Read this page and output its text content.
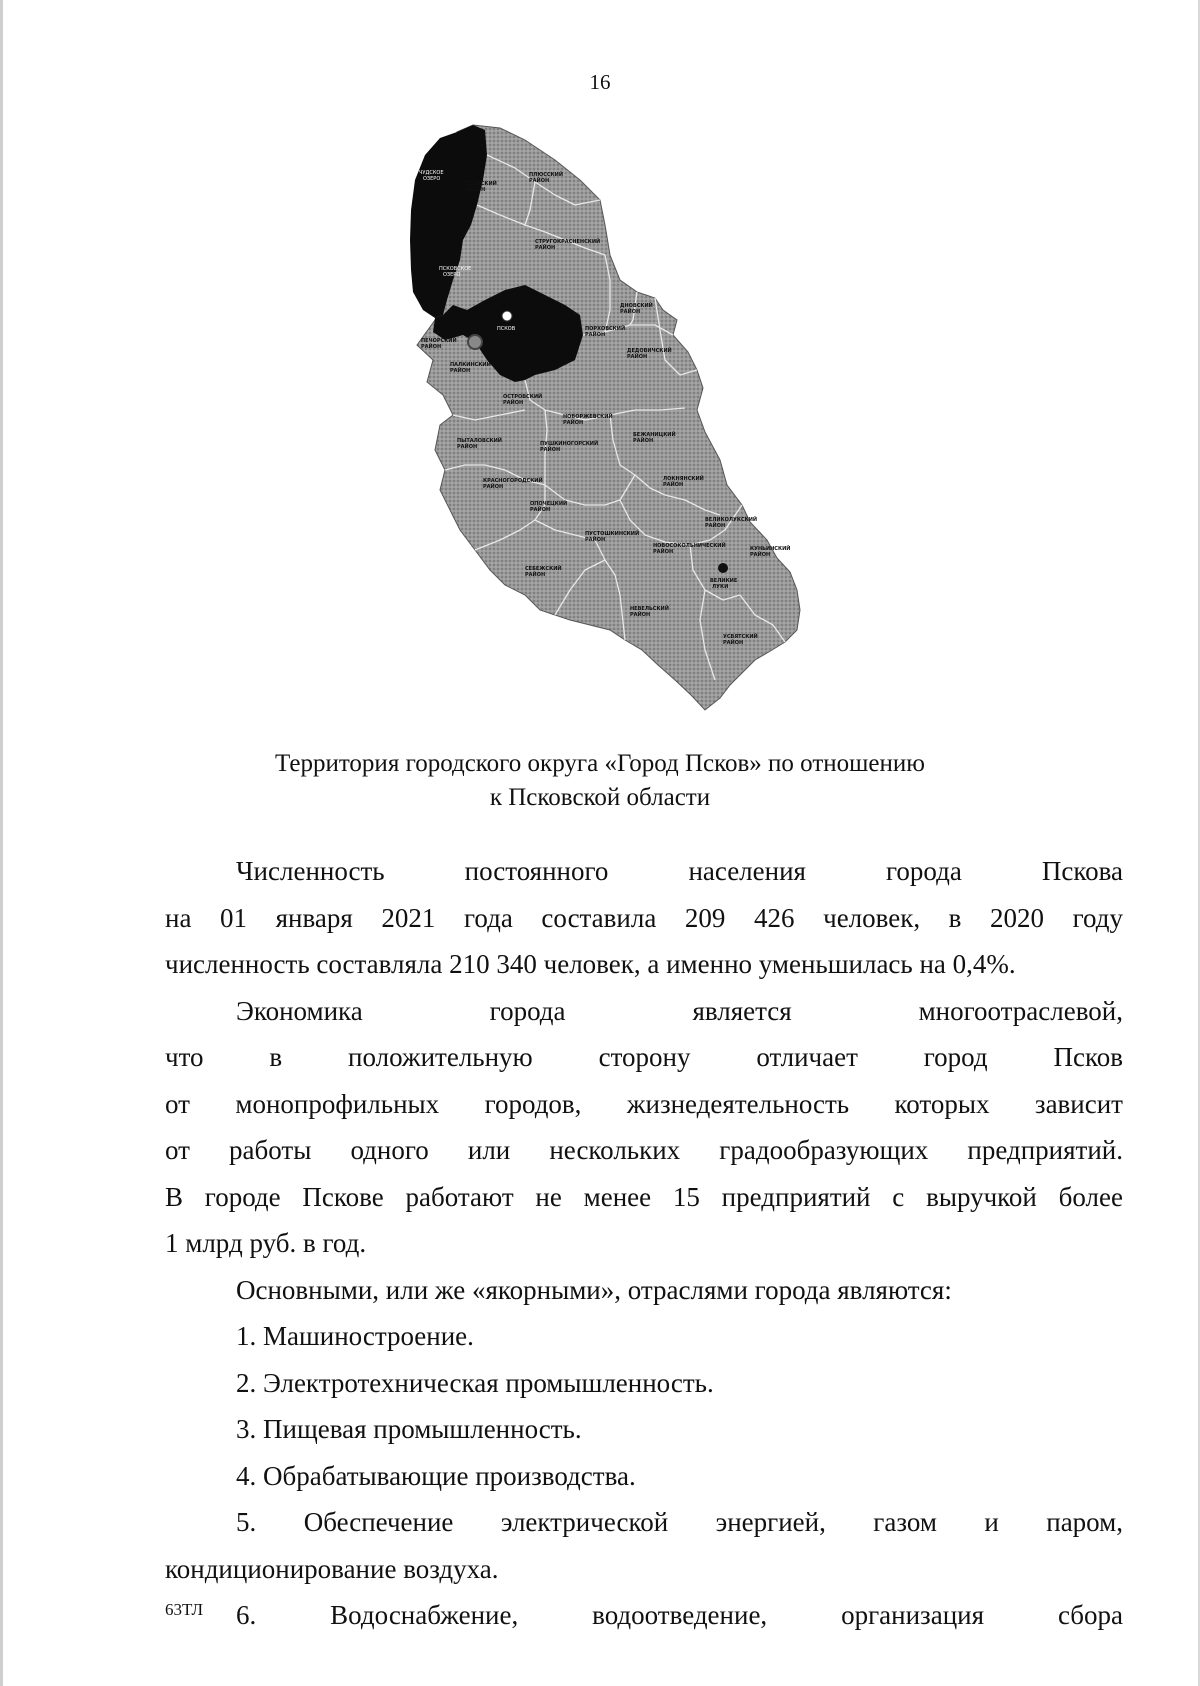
16
ЧУДСКОЕ
ОЗЕРО
ГДОВСКИЙ
РАЙОН
ПЛЮССКИЙ
РАЙОН
СТРУГОКРАСНЕНСКИЙ
РАЙОН
ПСКОВСКОЕ
ОЗЕРО
ПСКОВ
ДНОВСКИЙ
РАЙОН
ПОРХОВСКИЙ
РАЙОН
ДЕДОВИЧСКИЙ
РАЙОН
ПЕЧОРСКИЙ
РАЙОН
ПАЛКИНСКИЙ
РАЙОН
ОСТРОВСКИЙ
РАЙОН
НОВОРЖЕВСКИЙ
РАЙОН
БЕЖАНИЦКИЙ
РАЙОН
ПЫТАЛОВСКИЙ
РАЙОН	ПУШКИНОГОРСКИЙ
РАЙОН
КРАСНОГОРОДСКИЙ
РАЙОН
ОПОЧЕЦКИЙ
РАЙОН
ЛОКНЯНСКИЙ
РАЙОН
ВЕЛИКОЛУКСКИЙ
РАЙОН
КУНЬИНСКИЙ
РАЙОН
ПУСТОШКИНСКИЙ
РАЙОН
НОВОСОКОЛЬНИЧЕСКИЙ
РАЙОН
СЕБЕЖСКИЙ
РАЙОН
ВЕЛИКИЕ
ЛУКИ
НЕВЕЛЬСКИЙ
РАЙОН
УСВЯТСКИЙ
РАЙОН
Территория городского округа «Город Псков» по отношению
к Псковской области

Численность постоянного населения города Пскова

на 01 января 2021 года составила 209 426 человек, в 2020 году

численность составляла 210 340 человек, а именно уменьшилась на 0,4%.

Экономика города является многоотраслевой,

что в положительную сторону отличает город Псков

от монопрофильных городов, жизнедеятельность которых зависит

от работы одного или нескольких градообразующих предприятий.

В городе Пскове работают не менее 15 предприятий с выручкой более

1 млрд руб. в год.

Основными, или же «якорными», отраслями города являются:

1. Машиностроение.

2. Электротехническая промышленность.

3. Пищевая промышленность.

4. Обрабатывающие производства.

5. Обеспечение электрической энергией, газом и паром,

кондиционирование воздуха.

6. Водоснабжение, водоотведение, организация сбора

63ТЛ
